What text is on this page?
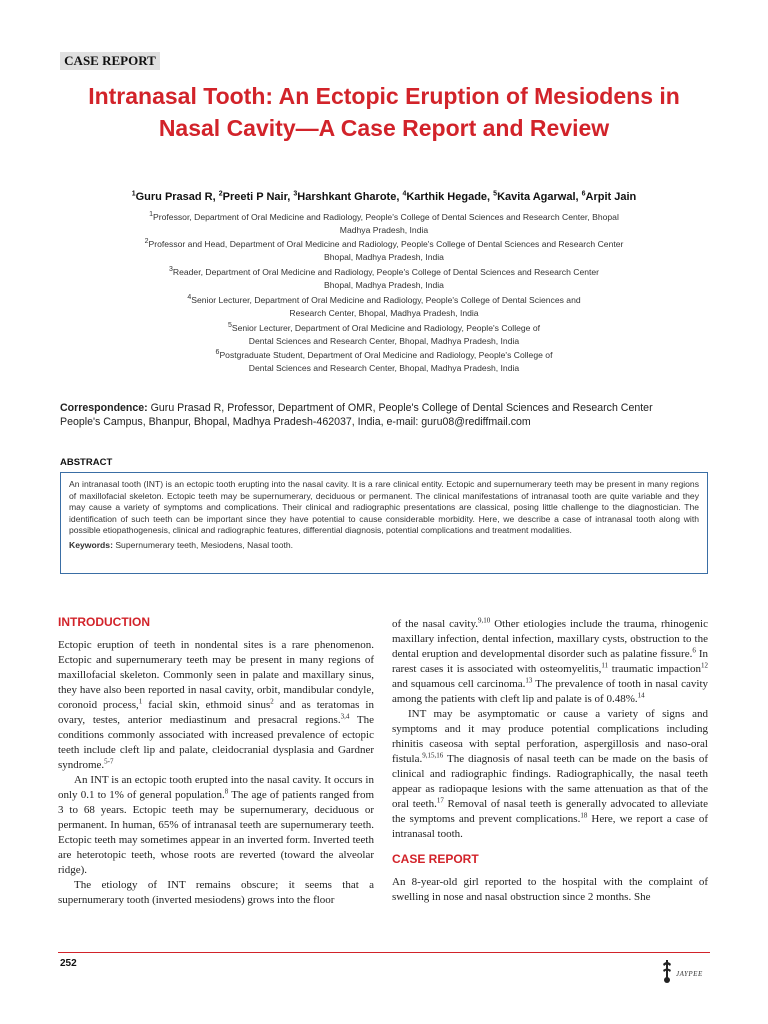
CASE REPORT
Intranasal Tooth: An Ectopic Eruption of Mesiodens in Nasal Cavity—A Case Report and Review
$^1$Guru Prasad R, $^2$Preeti P Nair, $^3$Harshkant Gharote, $^4$Karthik Hegade, $^5$Kavita Agarwal, $^6$Arpit Jain
$^1$Professor, Department of Oral Medicine and Radiology, People's College of Dental Sciences and Research Center, Bhopal
Madhya Pradesh, India
$^2$Professor and Head, Department of Oral Medicine and Radiology, People's College of Dental Sciences and Research Center
Bhopal, Madhya Pradesh, India
$^3$Reader, Department of Oral Medicine and Radiology, People's College of Dental Sciences and Research Center
Bhopal, Madhya Pradesh, India
$^4$Senior Lecturer, Department of Oral Medicine and Radiology, People's College of Dental Sciences and
Research Center, Bhopal, Madhya Pradesh, India
$^5$Senior Lecturer, Department of Oral Medicine and Radiology, People's College of
Dental Sciences and Research Center, Bhopal, Madhya Pradesh, India
$^6$Postgraduate Student, Department of Oral Medicine and Radiology, People's College of
Dental Sciences and Research Center, Bhopal, Madhya Pradesh, India
Correspondence: Guru Prasad R, Professor, Department of OMR, People's College of Dental Sciences and Research Center
People's Campus, Bhanpur, Bhopal, Madhya Pradesh-462037, India, e-mail: guru08@rediffmail.com
ABSTRACT

An intranasal tooth (INT) is an ectopic tooth erupting into the nasal cavity. It is a rare clinical entity. Ectopic and supernumerary teeth may be present in many regions of maxillofacial skeleton. Ectopic teeth may be supernumerary, deciduous or permanent. The clinical manifestations of intranasal tooth are quite variable and they may cause a variety of symptoms and complications. Their clinical and radiographic presentations are classical, posing little challenge to the diagnostician. The identification of such teeth can be important since they have potential to cause considerable morbidity. Here, we describe a case of intranasal tooth along with possible etiopathogenesis, clinical and radiographic features, differential diagnosis, potential complications and treatment modalities.

Keywords: Supernumerary teeth, Mesiodens, Nasal tooth.

INTRODUCTION

Ectopic eruption of teeth in nondental sites is a rare phenomenon. Ectopic and supernumerary teeth may be present in many regions of maxillofacial skeleton. Commonly seen in palate and maxillary sinus, they have also been reported in nasal cavity, orbit, mandibular condyle, coronoid process,$^1$ facial skin, ethmoid sinus$^2$ and as teratomas in ovary, testes, anterior mediastinum and presacral regions.$^{3,4}$ The conditions commonly associated with increased prevalence of ectopic teeth include cleft lip and palate, cleidocranial dysplasia and Gardner syndrome.$^{5-7}$

An INT is an ectopic tooth erupted into the nasal cavity. It occurs in only 0.1 to 1% of general population.$^8$ The age of patients ranged from 3 to 68 years. Ectopic teeth may be supernumerary, deciduous or permanent. In human, 65% of intranasal teeth are supernumerary teeth. Ectopic teeth may sometimes appear in an inverted form. Inverted teeth are heterotopic teeth, whose roots are reverted (toward the alveolar ridge).

The etiology of INT remains obscure; it seems that a supernumerary tooth (inverted mesiodens) grows into the floor

of the nasal cavity.$^{9,10}$ Other etiologies include the trauma, rhinogenic maxillary infection, dental infection, maxillary cysts, obstruction to the dental eruption and developmental disorder such as palatine fissure.$^6$ In rarest cases it is associated with osteomyelitis,$^{11}$ traumatic impaction$^{12}$ and squamous cell carcinoma.$^{13}$ The prevalence of tooth in nasal cavity among the patients with cleft lip and palate is of 0.48%.$^{14}$

INT may be asymptomatic or cause a variety of signs and symptoms and it may produce potential complications including rhinitis caseosa with septal perforation, aspergillosis and naso-oral fistula.$^{9,15,16}$ The diagnosis of nasal teeth can be made on the basis of clinical and radiographic findings. Radiographically, the nasal teeth appear as radiopaque lesions with the same attenuation as that of the oral teeth.$^{17}$ Removal of nasal teeth is generally advocated to alleviate the symptoms and prevent complications.$^{18}$ Here, we report a case of intranasal tooth.

CASE REPORT

An 8-year-old girl reported to the hospital with the complaint of swelling in nose and nasal obstruction since 2 months. She

252
JAYPEE
